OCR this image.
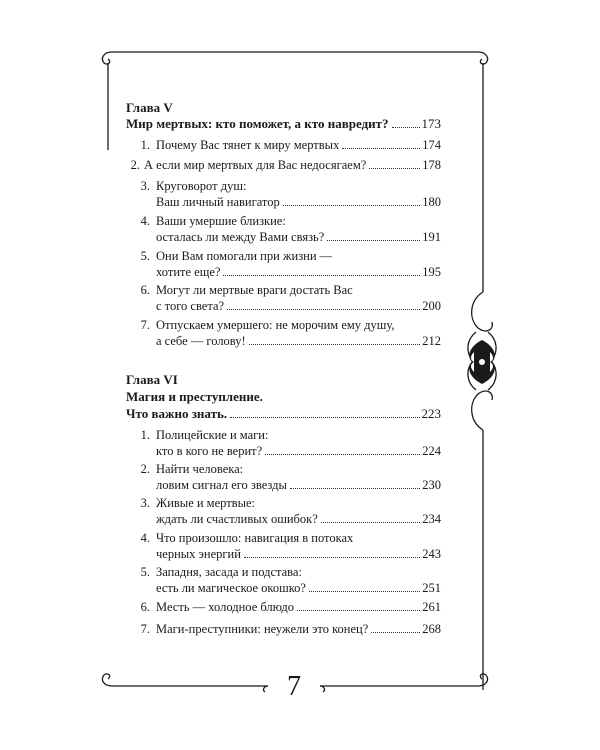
Глава V
Мир мертвых: кто поможет, а кто навредит?	173
1. Почему Вас тянет к миру мертвых	174
2. А если мир мертвых для Вас недосягаем?	178
3. Круговорот душ:
Ваш личный навигатор	180
4. Ваши умершие близкие:
осталась ли между Вами связь?	191
5. Они Вам помогали при жизни —
хотите еще?	195
6. Могут ли мертвые враги достать Вас
с того света?	200
7. Отпускаем умершего: не морочим ему душу,
а себе — голову!	212
Глава VI
Магия и преступление.
Что важно знать.	223
1. Полицейские и маги:
кто в кого не верит?	224
2. Найти человека:
ловим сигнал его звезды	230
3. Живые и мертвые:
ждать ли счастливых ошибок?	234
4. Что произошло: навигация в потоках
черных энергий	243
5. Западня, засада и подстава:
есть ли магическое окошко?	251
6. Месть — холодное блюдо	261
7. Маги-преступники: неужели это конец?	268
7
